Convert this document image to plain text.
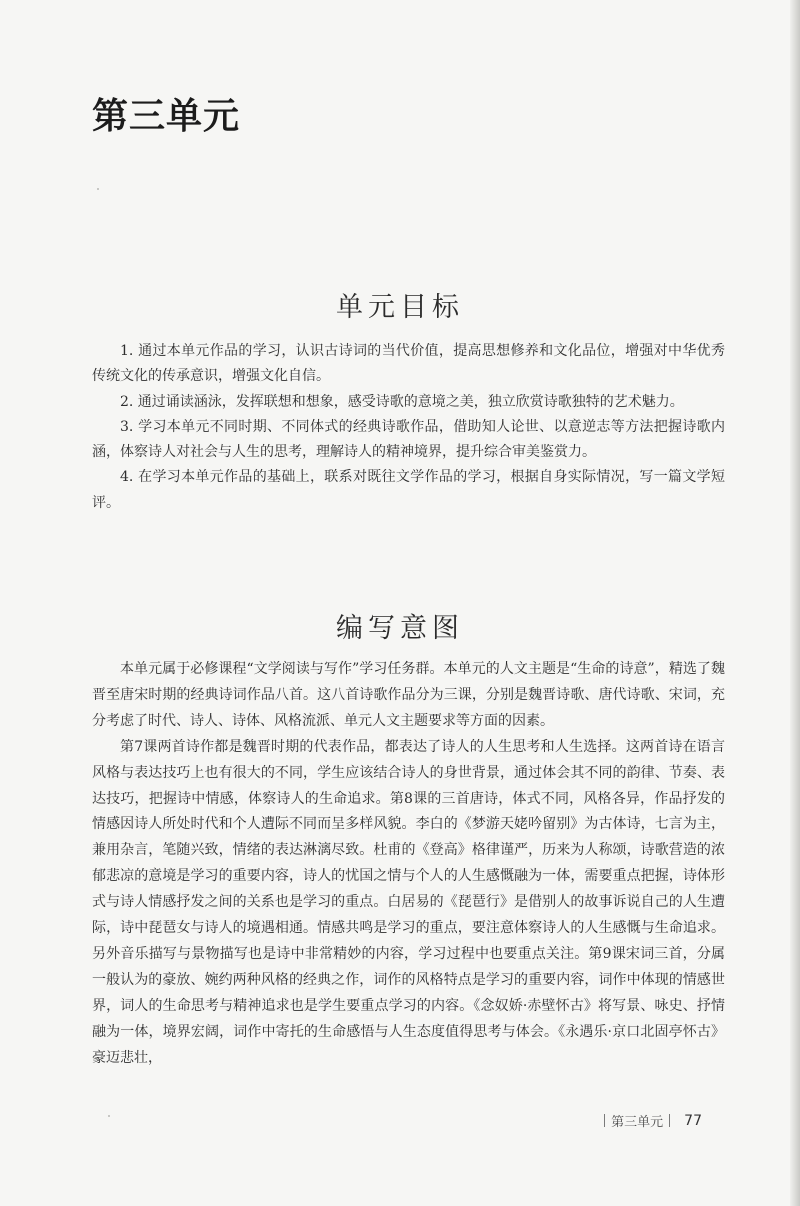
第三单元
单元目标

1. 通过本单元作品的学习，认识古诗词的当代价值，提高思想修养和文化品位，增强对中华优秀传统文化的传承意识，增强文化自信。

2. 通过诵读涵泳，发挥联想和想象，感受诗歌的意境之美，独立欣赏诗歌独特的艺术魅力。

3. 学习本单元不同时期、不同体式的经典诗歌作品，借助知人论世、以意逆志等方法把握诗歌内涵，体察诗人对社会与人生的思考，理解诗人的精神境界，提升综合审美鉴赏力。

4. 在学习本单元作品的基础上，联系对既往文学作品的学习，根据自身实际情况，写一篇文学短评。

编写意图

本单元属于必修课程“文学阅读与写作”学习任务群。本单元的人文主题是“生命的诗意”，精选了魏晋至唐宋时期的经典诗词作品八首。这八首诗歌作品分为三课，分别是魏晋诗歌、唐代诗歌、宋词，充分考虑了时代、诗人、诗体、风格流派、单元人文主题要求等方面的因素。

第7课两首诗作都是魏晋时期的代表作品，都表达了诗人的人生思考和人生选择。这两首诗在语言风格与表达技巧上也有很大的不同，学生应该结合诗人的身世背景，通过体会其不同的韵律、节奏、表达技巧，把握诗中情感，体察诗人的生命追求。第8课的三首唐诗，体式不同，风格各异，作品抒发的情感因诗人所处时代和个人遭际不同而呈多样风貌。李白的《梦游天姥吟留别》为古体诗，七言为主，兼用杂言，笔随兴致，情绪的表达淋漓尽致。杜甫的《登高》格律谨严，历来为人称颂，诗歌营造的浓郁悲凉的意境是学习的重要内容，诗人的忧国之情与个人的人生感慨融为一体，需要重点把握，诗体形式与诗人情感抒发之间的关系也是学习的重点。白居易的《琵琶行》是借别人的故事诉说自己的人生遭际，诗中琵琶女与诗人的境遇相通。情感共鸣是学习的重点，要注意体察诗人的人生感慨与生命追求。另外音乐描写与景物描写也是诗中非常精妙的内容，学习过程中也要重点关注。第9课宋词三首，分属一般认为的豪放、婉约两种风格的经典之作，词作的风格特点是学习的重要内容，词作中体现的情感世界，词人的生命思考与精神追求也是学生要重点学习的内容。《念奴娇·赤壁怀古》将写景、咏史、抒情融为一体，境界宏阔，词作中寄托的生命感悟与人生态度值得思考与体会。《永遇乐·京口北固亭怀古》豪迈悲壮，

第三单元 77
